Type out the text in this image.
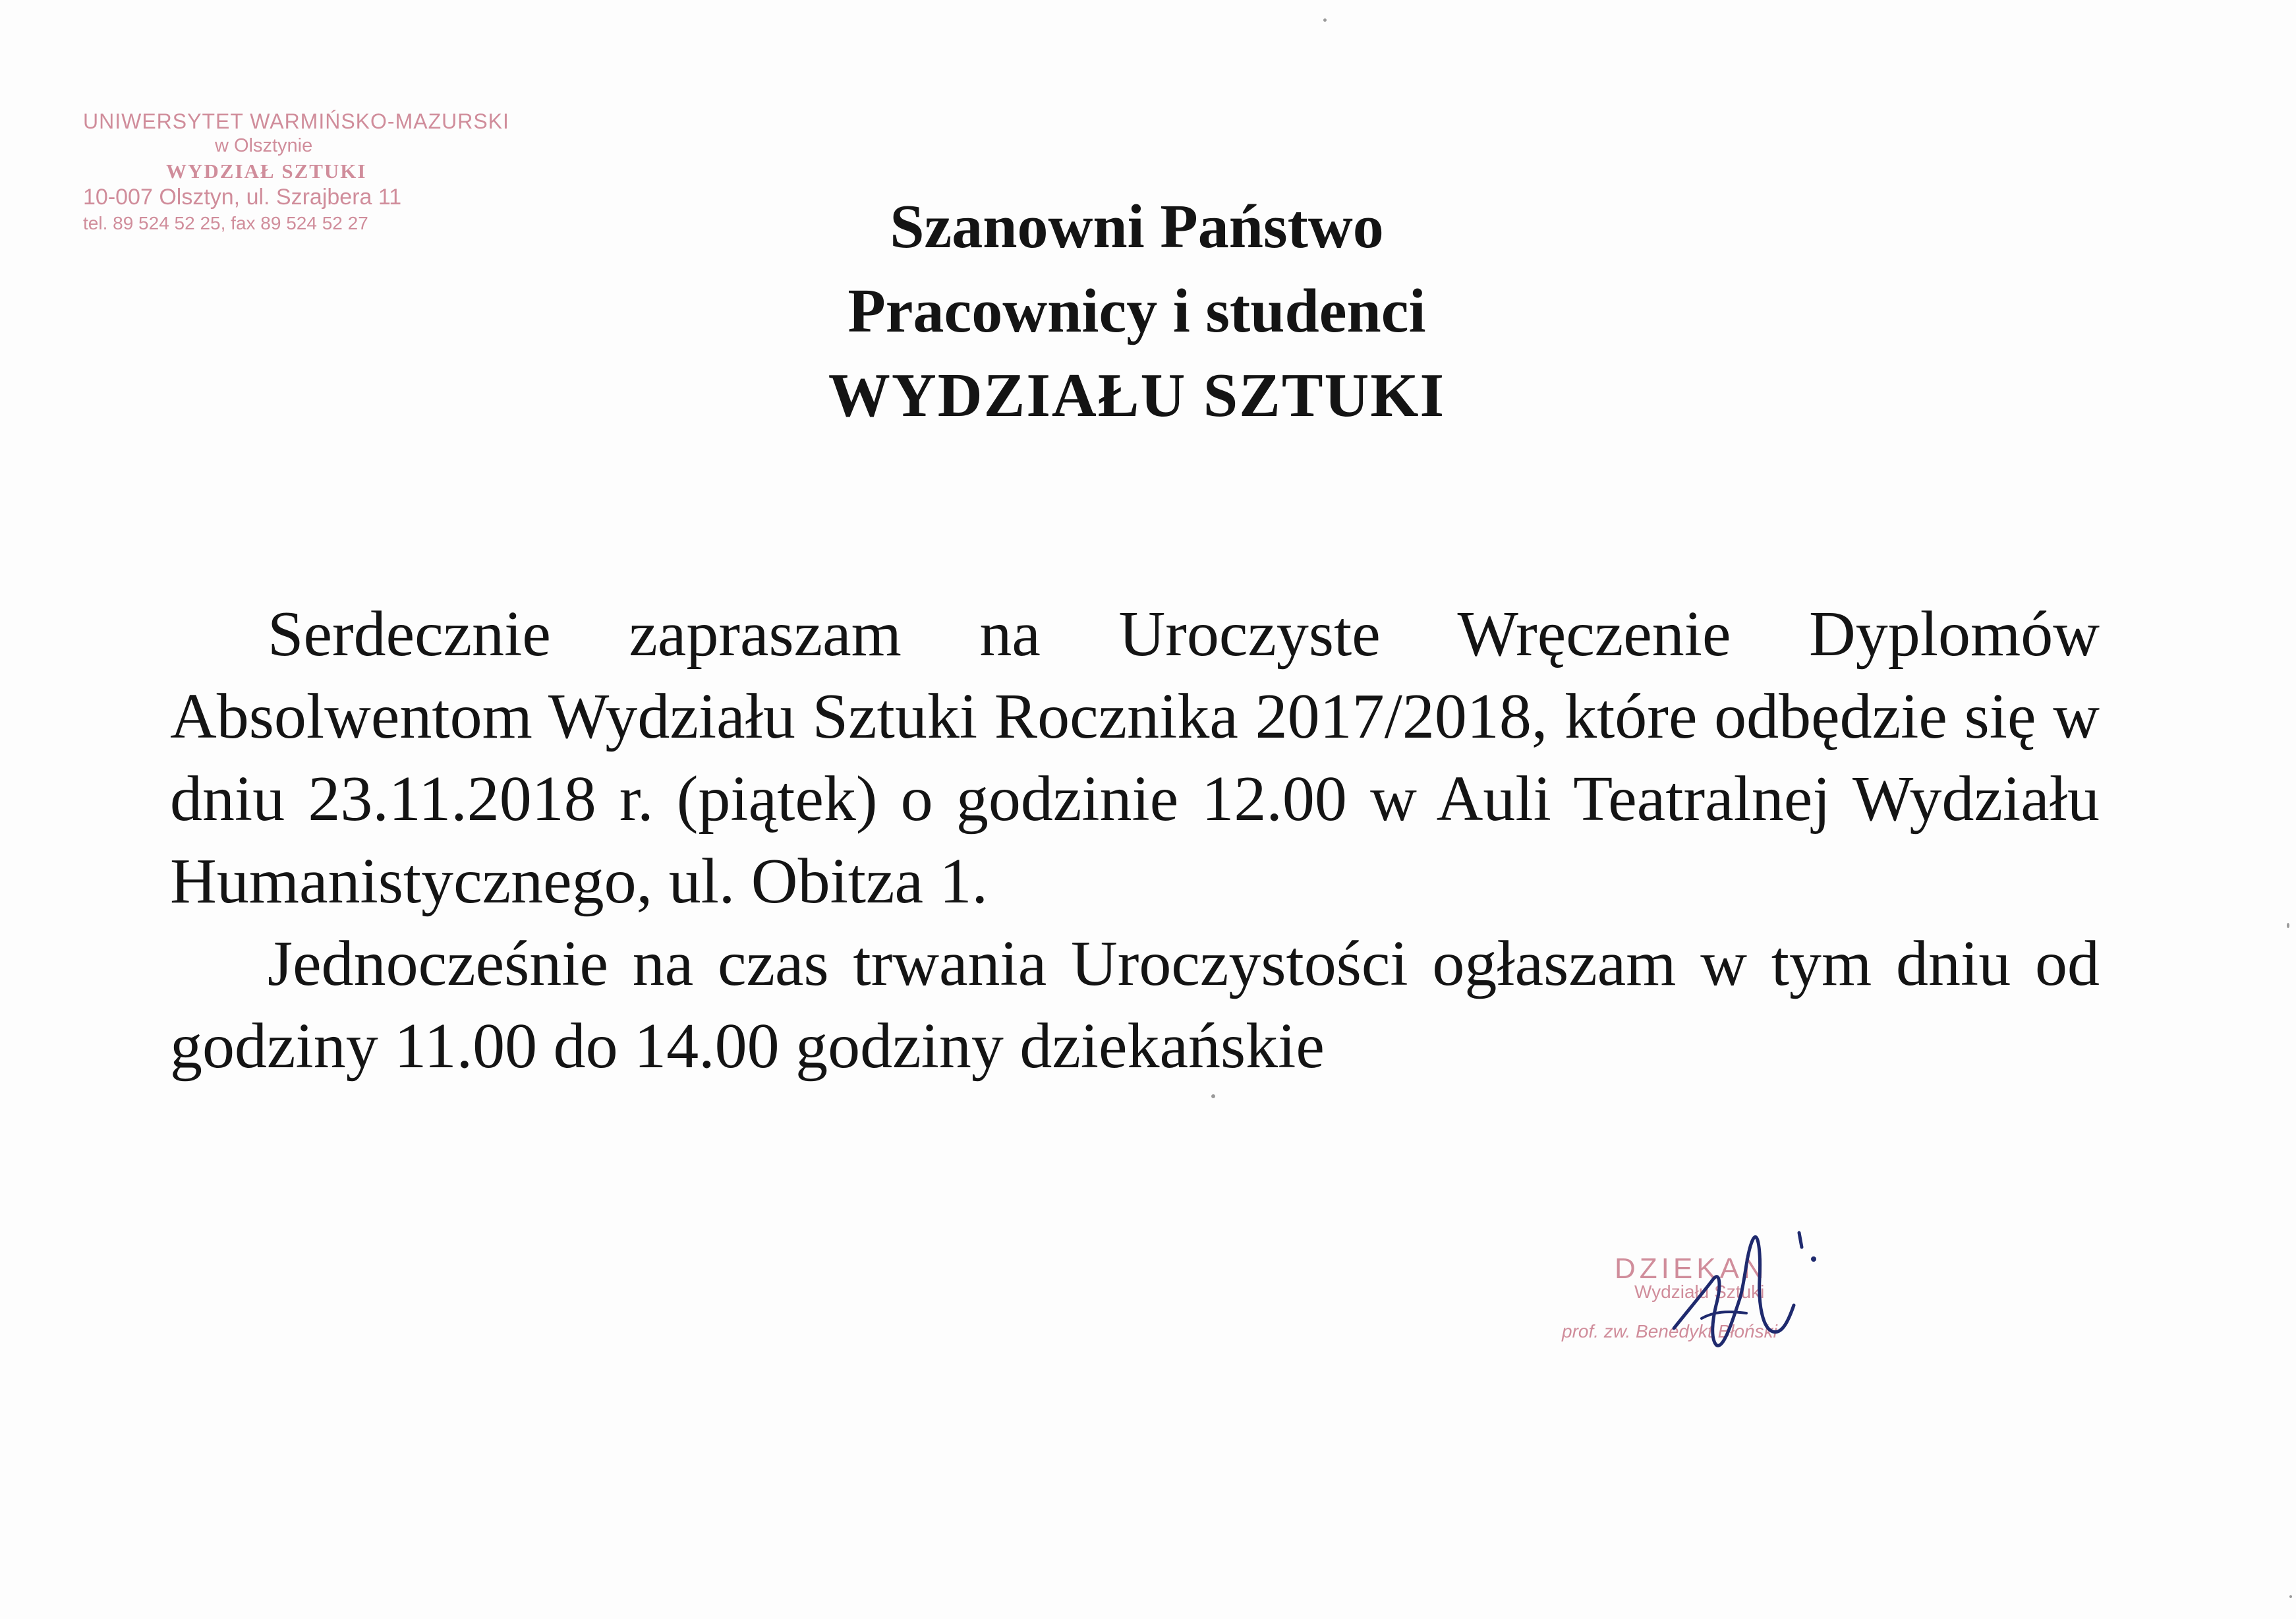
UNIWERSYTET WARMIŃSKO-MAZURSKI
w Olsztynie
WYDZIAŁ SZTUKI
10-007 Olsztyn, ul. Szrajbera 11
tel. 89 524 52 25, fax 89 524 52 27	Szanowni Państwo
Pracownicy i studenci
WYDZIAŁU SZTUKI

Serdecznie zapraszam na Uroczyste Wręczenie Dyplomów Absolwentom Wydziału Sztuki Rocznika 2017/2018, które odbędzie się w dniu 23.11.2018 r. (piątek) o godzinie 12.00 w Auli Teatralnej Wydziału Humanistycznego, ul. Obitza 1.

Jednocześnie na czas trwania Uroczystości ogłaszam w tym dniu od godziny 11.00 do 14.00 godziny dziekańskie

DZIEKAN
Wydziału Sztuki
prof. zw. Benedykt Błoński
